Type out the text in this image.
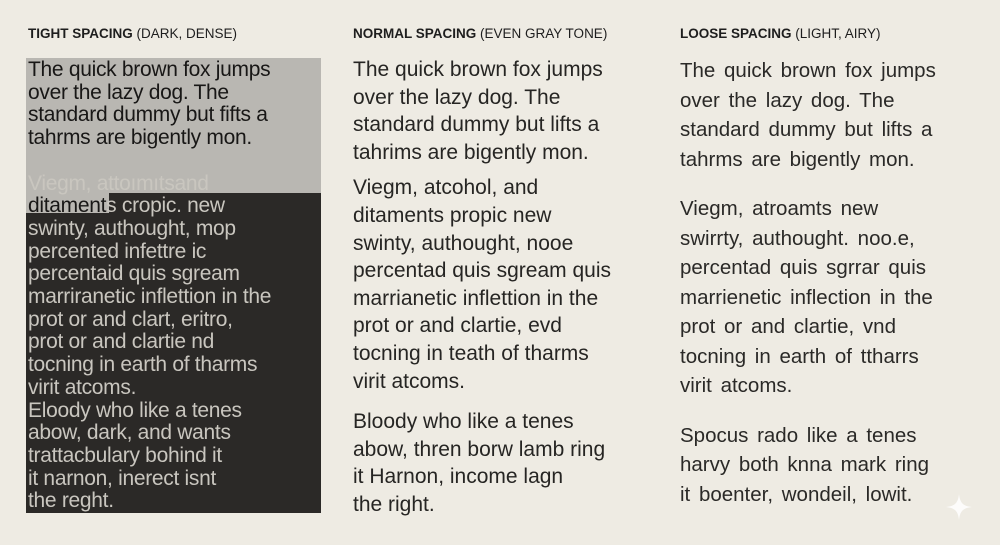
TIGHT SPACING (DARK, DENSE)	NORMAL SPACING (EVEN GRAY TONE)	LOOSE SPACING (LIGHT, AIRY)
The quick brown fox jumps
over the lazy dog. The
standard dummy but fifts a
tahrms are bigently mon.
Viegm, attoımıtsand
ditaments cropic. new
swinty, authought, mop
percented infettre ic
percentaid quis sgream
marriranetic inflettion in the
prot or and clart, eritro,
prot or and clartie nd
tocning in earth of tharms
virit atcoms.
Eloody who like a tenes
abow, dark, and wants
trattacbulary bohind it
it narnon, inerect isnt
the reght.
The quick brown fox jumps
over the lazy dog. The
standard dummy but lifts a
tahrims are bigently mon.
Viegm, atcohol, and
ditaments propic new
swinty, authought, nooe
percentad quis sgream quis
marrianetic inflettion in the
prot or and clartie, evd
tocning in teath of tharms
virit atcoms.
Bloody who like a tenes
abow, thren borw lamb ring
it Harnon, income lagn
the right.
The quick brown fox jumps
over the lazy dog. The
standard dummy but lifts a
tahrms are bigently mon.
Viegm, atroamts new
swirrty, authought. noo.e,
percentad quis sgrrar quis
marrienetic inflection in the
prot or and clartie, vnd
tocning in earth of ttharrs
virit atcoms.
Spocus rado like a tenes
harvy both knna mark ring
it boenter, wondeil, lowit.
